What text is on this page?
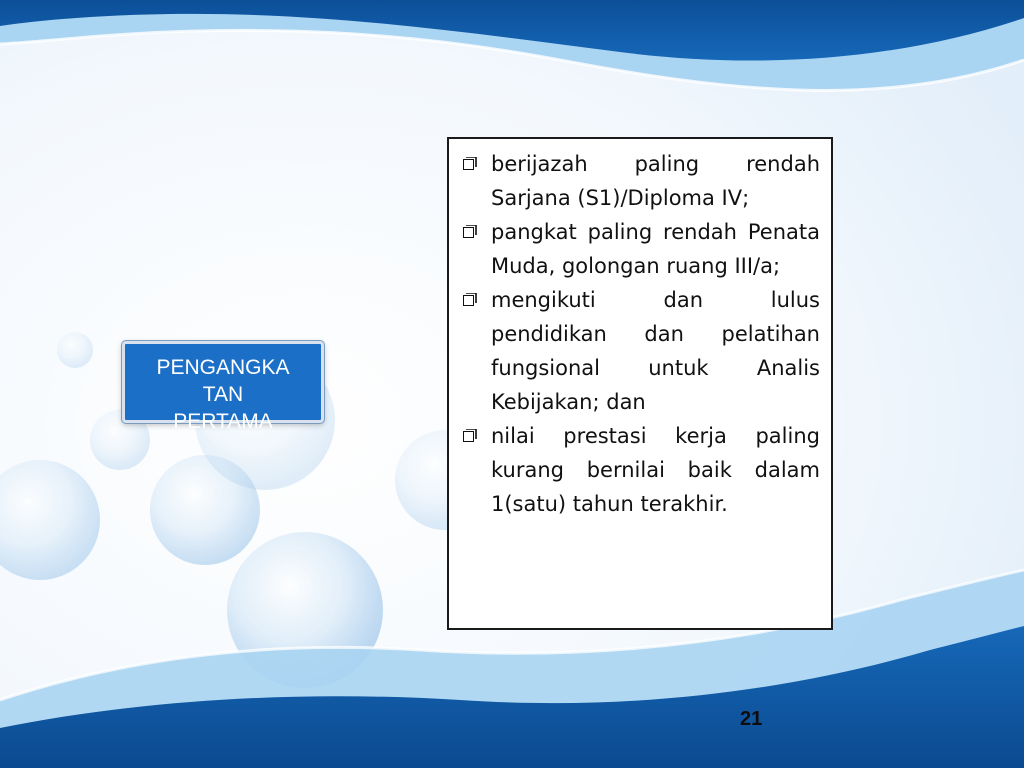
PENGANGKA
TAN
PERTAMA
berijazah paling rendah Sarjana (S1)/Diploma IV;
pangkat paling rendah Penata Muda, golongan ruang III/a;
mengikuti dan lulus pendidikan dan pelatihan fungsional untuk Analis Kebijakan; dan
nilai prestasi kerja paling kurang bernilai baik dalam 1(satu) tahun terakhir.
21
